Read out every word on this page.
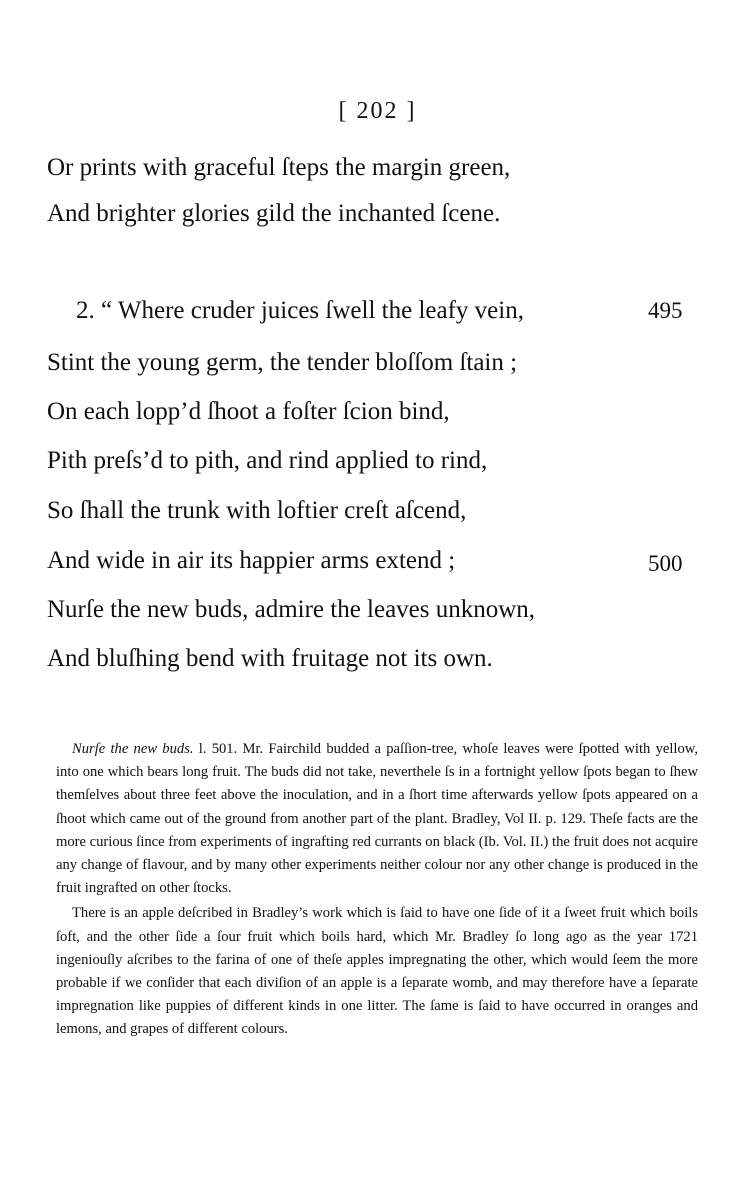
[ 202 ]
Or prints with graceful ſteps the margin green,
And brighter glories gild the inchanted ſcene.
2. “ Where cruder juices ſwell the leafy vein,	495
Stint the young germ, the tender bloſſom ſtain ;
On each lopp’d ſhoot a foſter ſcion bind,
Pith preſs’d to pith, and rind applied to rind,
So ſhall the trunk with loftier creſt aſcend,
And wide in air its happier arms extend ;	500
Nurſe the new buds, admire the leaves unknown,
And bluſhing bend with fruitage not its own.

Nurſe the new buds. l. 501. Mr. Fairchild budded a paſſion-tree, whoſe leaves were ſpotted with yellow, into one which bears long fruit. The buds did not take, neverthele ſs in a fortnight yellow ſpots began to ſhew themſelves about three feet above the inoculation, and in a ſhort time afterwards yellow ſpots appeared on a ſhoot which came out of the ground from another part of the plant. Bradley, Vol II. p. 129. Theſe facts are the more curious ſince from experiments of ingrafting red currants on black (Ib. Vol. II.) the fruit does not acquire any change of flavour, and by many other experiments neither colour nor any other change is produced in the fruit ingrafted on other ſtocks.

There is an apple deſcribed in Bradley’s work which is ſaid to have one ſide of it a ſweet fruit which boils ſoft, and the other ſide a ſour fruit which boils hard, which Mr. Bradley ſo long ago as the year 1721 ingeniouſly aſcribes to the farina of one of theſe apples impregnating the other, which would ſeem the more probable if we conſider that each diviſion of an apple is a ſeparate womb, and may therefore have a ſeparate impregnation like puppies of different kinds in one litter. The ſame is ſaid to have occurred in oranges and lemons, and grapes of different colours.
